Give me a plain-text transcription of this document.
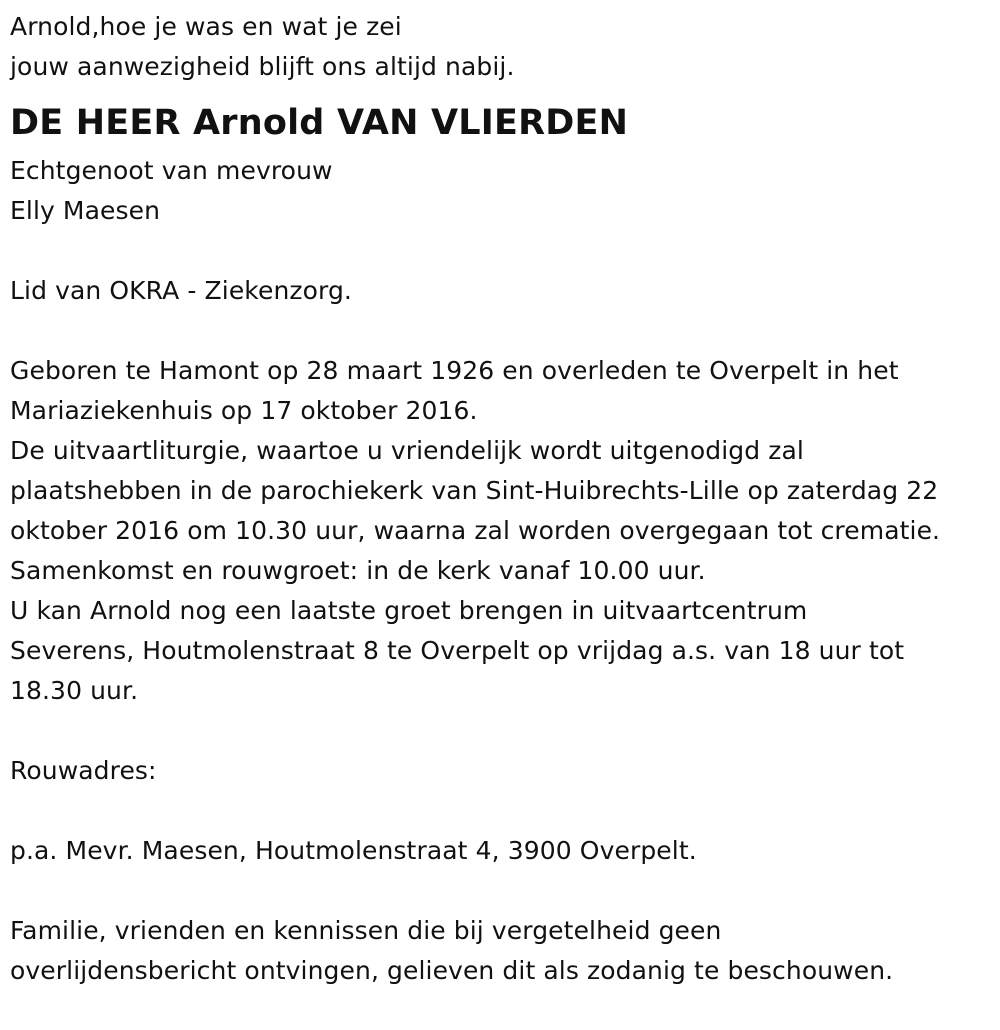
Arnold,hoe je was en wat je zei
jouw aanwezigheid blijft ons altijd nabij.
DE HEER Arnold VAN VLIERDEN
Echtgenoot van mevrouw
Elly Maesen
Lid van OKRA - Ziekenzorg.
Geboren te Hamont op 28 maart 1926 en overleden te Overpelt in het
Mariaziekenhuis op 17 oktober 2016.
De uitvaartliturgie, waartoe u vriendelijk wordt uitgenodigd zal
plaatshebben in de parochiekerk van Sint-Huibrechts-Lille op zaterdag 22
oktober 2016 om 10.30 uur, waarna zal worden overgegaan tot crematie.
Samenkomst en rouwgroet: in de kerk vanaf 10.00 uur.
U kan Arnold nog een laatste groet brengen in uitvaartcentrum
Severens, Houtmolenstraat 8 te Overpelt op vrijdag a.s. van 18 uur tot
18.30 uur.
Rouwadres:
p.a. Mevr. Maesen, Houtmolenstraat 4, 3900 Overpelt.
Familie, vrienden en kennissen die bij vergetelheid geen
overlijdensbericht ontvingen, gelieven dit als zodanig te beschouwen.
